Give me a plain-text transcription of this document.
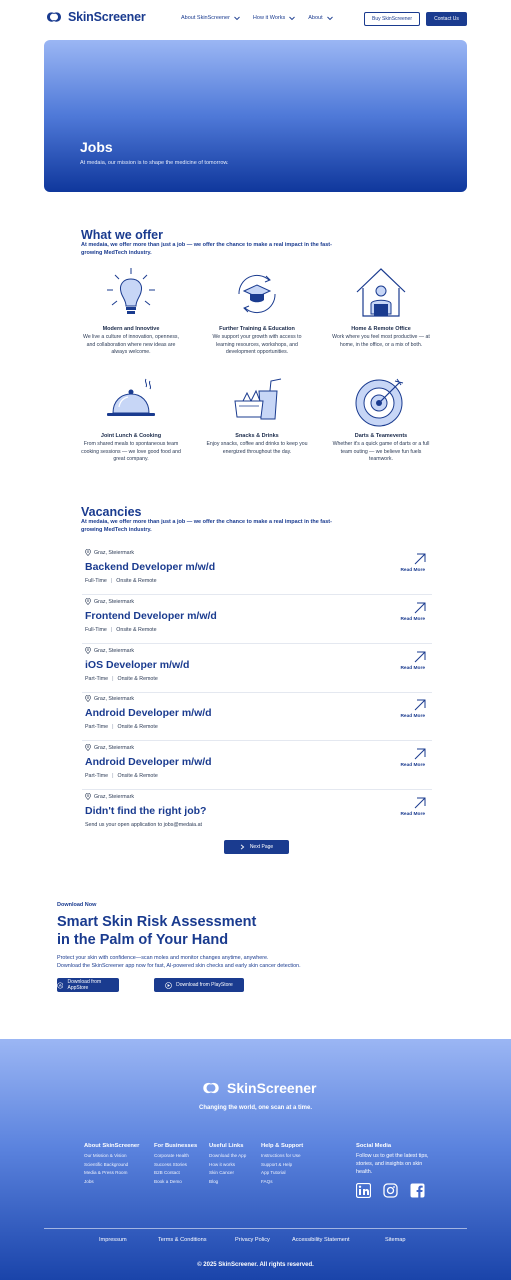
SkinScreener	About SkinScreener	How it Works	About	Buy SkinScreener	Contact Us
Jobs
At medaia, our mission is to shape the medicine of tomorrow.
What we offer
At medaia, we offer more than just a job — we offer the chance to make a real impact in the fast-growing MedTech industry.
Modern and Innovtive
We live a culture of innovation, openness, and collaboration where new ideas are always welcome.
Further Training & Education
We support your growth with access to learning resources, workshops, and development opportunities.
Home & Remote Office
Work where you feel most productive — at home, in the office, or a mix of both.
Joint Lunch & Cooking
From shared meals to spontaneous team cooking sessions — we love good food and great company.
Snacks & Drinks
Enjoy snacks, coffee and drinks to keep you energized throughout the day.
Darts & Teamevents
Whether it's a quick game of darts or a full team outing — we believe fun fuels teamwork.
Vacancies
At medaia, we offer more than just a job — we offer the chance to make a real impact in the fast-growing MedTech industry.
Graz, Steiermark
Backend Developer m/w/d
Full-Time | Onsite & Remote
Read More
Graz, Steiermark
Frontend Developer m/w/d
Full-Time | Onsite & Remote
Read More
Graz, Steiermark
iOS Developer m/w/d
Part-Time | Onsite & Remote
Read More
Graz, Steiermark
Android Developer m/w/d
Part-Time | Onsite & Remote
Read More
Graz, Steiermark
Android Developer m/w/d
Part-Time | Onsite & Remote
Read More
Graz, Steiermark
Didn't find the right job?
Send us your open application to jobs@medaia.at
Read More
Next Page
Download Now
Smart Skin Risk Assessment
in the Palm of Your Hand
Protect your skin with confidence—scan moles and monitor changes anytime, anywhere.
Download the SkinScreener app now for fast, AI-powered skin checks and early skin cancer detection.
Download from AppStore	Download from PlayStore
SkinScreener
Changing the world, one scan at a time.
About SkinScreener
Our Mission & Vision
Scientific Background
Media & Press Room
Jobs
For Businesses
Corporate Health
Success Stories
B2B Contact
Book a Demo
Useful Links
Download the App
How it works
Skin Cancer
Blog
Help & Support
Instructions for Use
Support & Help
App Tutorial
FAQs
Social Media
Follow us to get the latest tips, stories, and insights on skin health.
Impressum	Terms & Conditions	Privacy Policy	Accessibility Statement	Sitemap
© 2025 SkinScreener. All rights reserved.
